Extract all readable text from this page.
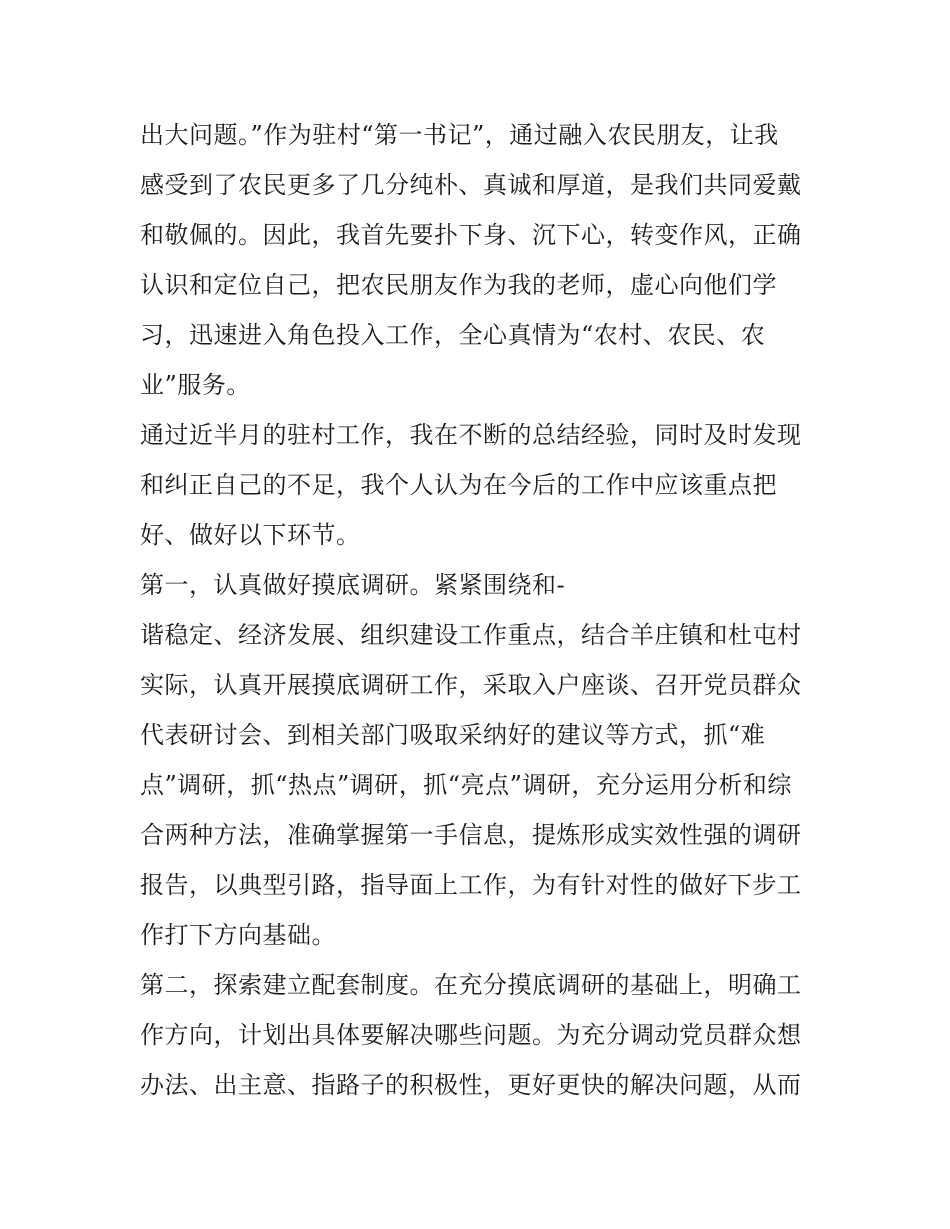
出大问题。”作为驻村“第一书记”，通过融入农民朋友，让我
感受到了农民更多了几分纯朴、真诚和厚道，是我们共同爱戴
和敬佩的。因此，我首先要扑下身、沉下心，转变作风，正确
认识和定位自己，把农民朋友作为我的老师，虚心向他们学
习，迅速进入角色投入工作，全心真情为“农村、农民、农
业”服务。
通过近半月的驻村工作，我在不断的总结经验，同时及时发现
和纠正自己的不足，我个人认为在今后的工作中应该重点把
好、做好以下环节。
第一，认真做好摸底调研。紧紧围绕和-
谐稳定、经济发展、组织建设工作重点，结合羊庄镇和杜屯村
实际，认真开展摸底调研工作，采取入户座谈、召开党员群众
代表研讨会、到相关部门吸取采纳好的建议等方式，抓“难
点”调研，抓“热点”调研，抓“亮点”调研，充分运用分析和综
合两种方法，准确掌握第一手信息，提炼形成实效性强的调研
报告，以典型引路，指导面上工作，为有针对性的做好下步工
作打下方向基础。
第二，探索建立配套制度。在充分摸底调研的基础上，明确工
作方向，计划出具体要解决哪些问题。为充分调动党员群众想
办法、出主意、指路子的积极性，更好更快的解决问题，从而
